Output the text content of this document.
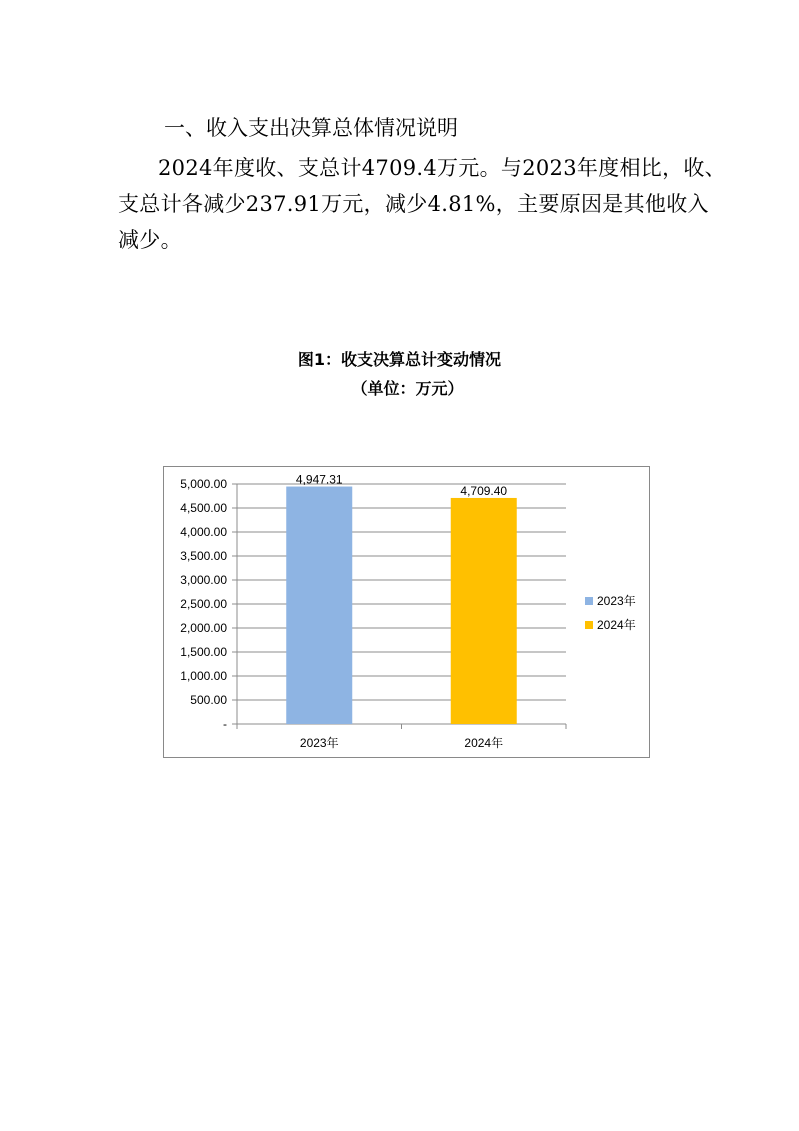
一、收入支出决算总体情况说明
2024年度收、支总计4709.4万元。与2023年度相比，收、
支总计各减少237.91万元，减少4.81%，主要原因是其他收入
减少。
图1：收支决算总计变动情况
（单位：万元）
-
500.00
1,000.00
1,500.00
2,000.00
2,500.00
3,000.00
3,500.00
4,000.00
4,500.00
5,000.00	4,947.31
2023年
4,709.40
2024年
2023年
2024年
